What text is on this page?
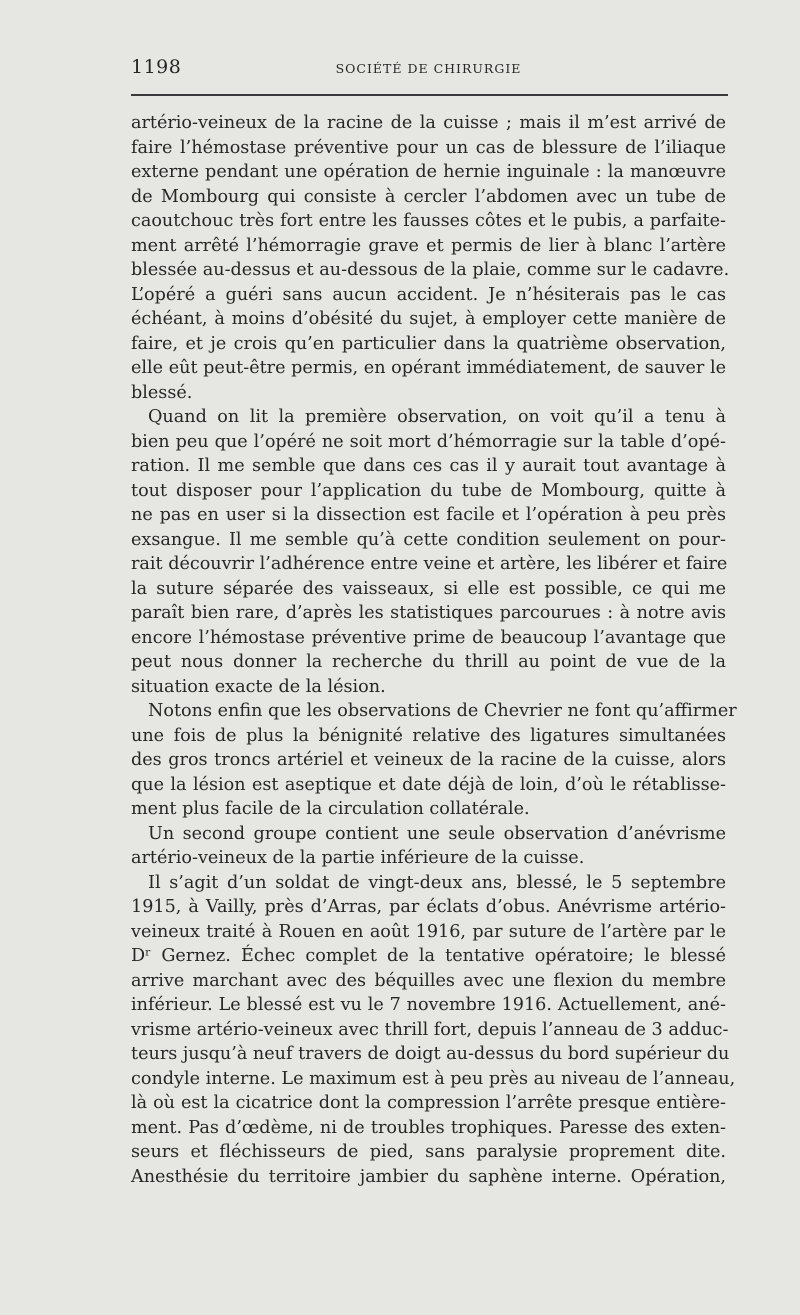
1198	SOCIÉTÉ DE CHIRURGIE
artério-veineux de la racine de la cuisse ; mais il m’est arrivé de
faire l’hémostase préventive pour un cas de blessure de l’iliaque
externe pendant une opération de hernie inguinale : la manœuvre
de Mombourg qui consiste à cercler l’abdomen avec un tube de
caoutchouc très fort entre les fausses côtes et le pubis, a parfaite-
ment arrêté l’hémorragie grave et permis de lier à blanc l’artère
blessée au-dessus et au-dessous de la plaie, comme sur le cadavre.
L’opéré a guéri sans aucun accident. Je n’hésiterais pas le cas
échéant, à moins d’obésité du sujet, à employer cette manière de
faire, et je crois qu’en particulier dans la quatrième observation,
elle eût peut-être permis, en opérant immédiatement, de sauver le
blessé.
Quand on lit la première observation, on voit qu’il a tenu à
bien peu que l’opéré ne soit mort d’hémorragie sur la table d’opé-
ration. Il me semble que dans ces cas il y aurait tout avantage à
tout disposer pour l’application du tube de Mombourg, quitte à
ne pas en user si la dissection est facile et l’opération à peu près
exsangue. Il me semble qu’à cette condition seulement on pour-
rait découvrir l’adhérence entre veine et artère, les libérer et faire
la suture séparée des vaisseaux, si elle est possible, ce qui me
paraît bien rare, d’après les statistiques parcourues : à notre avis
encore l’hémostase préventive prime de beaucoup l’avantage que
peut nous donner la recherche du thrill au point de vue de la
situation exacte de la lésion.
Notons enfin que les observations de Chevrier ne font qu’affirmer
une fois de plus la bénignité relative des ligatures simultanées
des gros troncs artériel et veineux de la racine de la cuisse, alors
que la lésion est aseptique et date déjà de loin, d’où le rétablisse-
ment plus facile de la circulation collatérale.
Un second groupe contient une seule observation d’anévrisme
artério-veineux de la partie inférieure de la cuisse.
Il s’agit d’un soldat de vingt-deux ans, blessé, le 5 septembre
1915, à Vailly, près d’Arras, par éclats d’obus. Anévrisme artério-
veineux traité à Rouen en août 1916, par suture de l’artère par le
Dʳ Gernez. Échec complet de la tentative opératoire; le blessé
arrive marchant avec des béquilles avec une flexion du membre
inférieur. Le blessé est vu le 7 novembre 1916. Actuellement, ané-
vrisme artério-veineux avec thrill fort, depuis l’anneau de 3 adduc-
teurs jusqu’à neuf travers de doigt au-dessus du bord supérieur du
condyle interne. Le maximum est à peu près au niveau de l’anneau,
là où est la cicatrice dont la compression l’arrête presque entière-
ment. Pas d’œdème, ni de troubles trophiques. Paresse des exten-
seurs et fléchisseurs de pied, sans paralysie proprement dite.
Anesthésie du territoire jambier du saphène interne. Opération,
